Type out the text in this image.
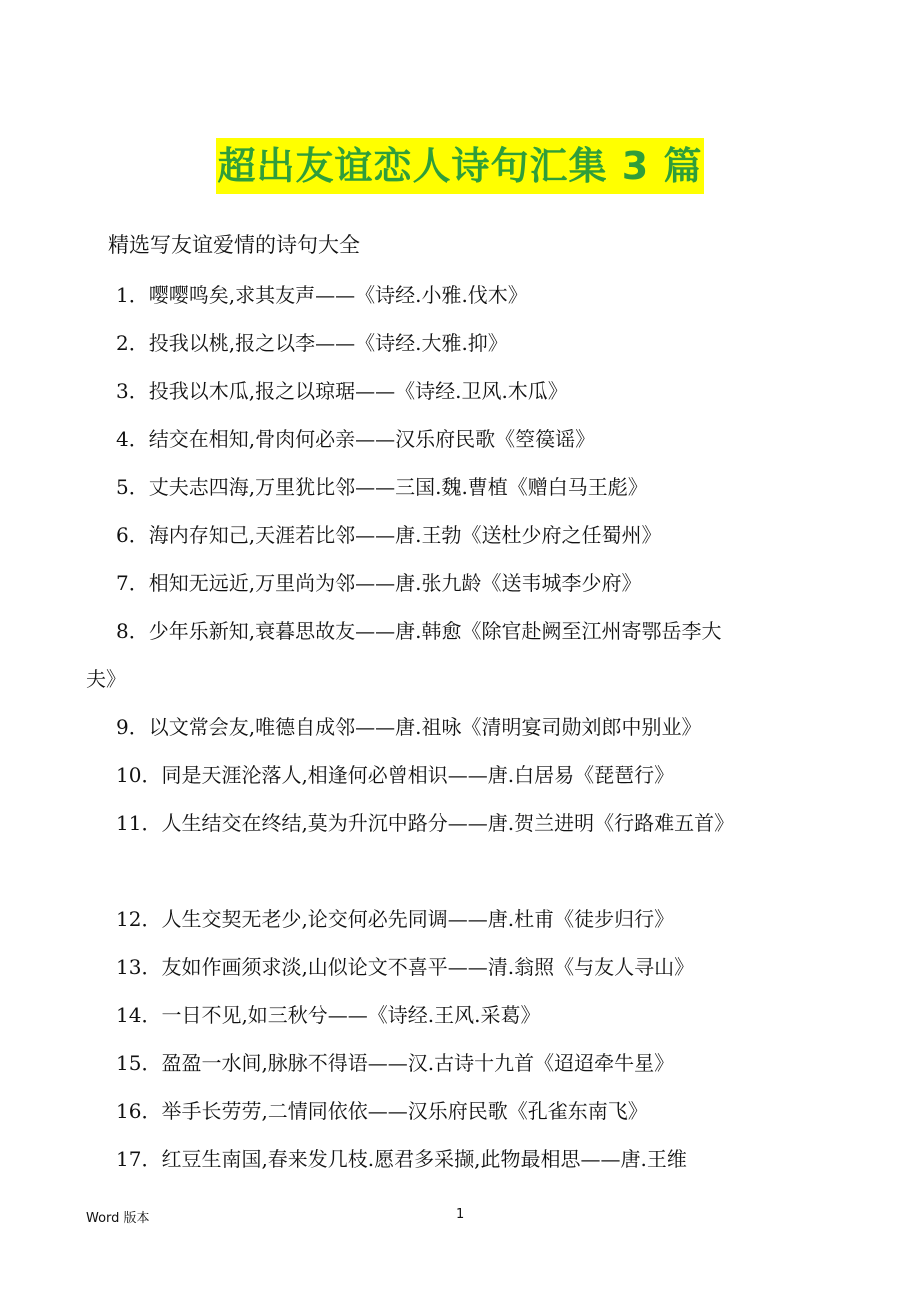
超出友谊恋人诗句汇集 3 篇
精选写友谊爱情的诗句大全
1．嘤嘤鸣矣,求其友声——《诗经.小雅.伐木》
2．投我以桃,报之以李——《诗经.大雅.抑》
3．投我以木瓜,报之以琼琚——《诗经.卫风.木瓜》
4．结交在相知,骨肉何必亲——汉乐府民歌《箜篌谣》
5．丈夫志四海,万里犹比邻——三国.魏.曹植《赠白马王彪》
6．海内存知己,天涯若比邻——唐.王勃《送杜少府之任蜀州》
7．相知无远近,万里尚为邻——唐.张九龄《送韦城李少府》
8．少年乐新知,衰暮思故友——唐.韩愈《除官赴阙至江州寄鄂岳李大
夫》
9．以文常会友,唯德自成邻——唐.祖咏《清明宴司勋刘郎中别业》
10．同是天涯沦落人,相逢何必曾相识——唐.白居易《琵琶行》
11．人生结交在终结,莫为升沉中路分——唐.贺兰进明《行路难五首》
12．人生交契无老少,论交何必先同调——唐.杜甫《徒步归行》
13．友如作画须求淡,山似论文不喜平——清.翁照《与友人寻山》
14．一日不见,如三秋兮——《诗经.王风.采葛》
15．盈盈一水间,脉脉不得语——汉.古诗十九首《迢迢牵牛星》
16．举手长劳劳,二情同依依——汉乐府民歌《孔雀东南飞》
17．红豆生南国,春来发几枝.愿君多采撷,此物最相思——唐.王维
Word 版本	1
